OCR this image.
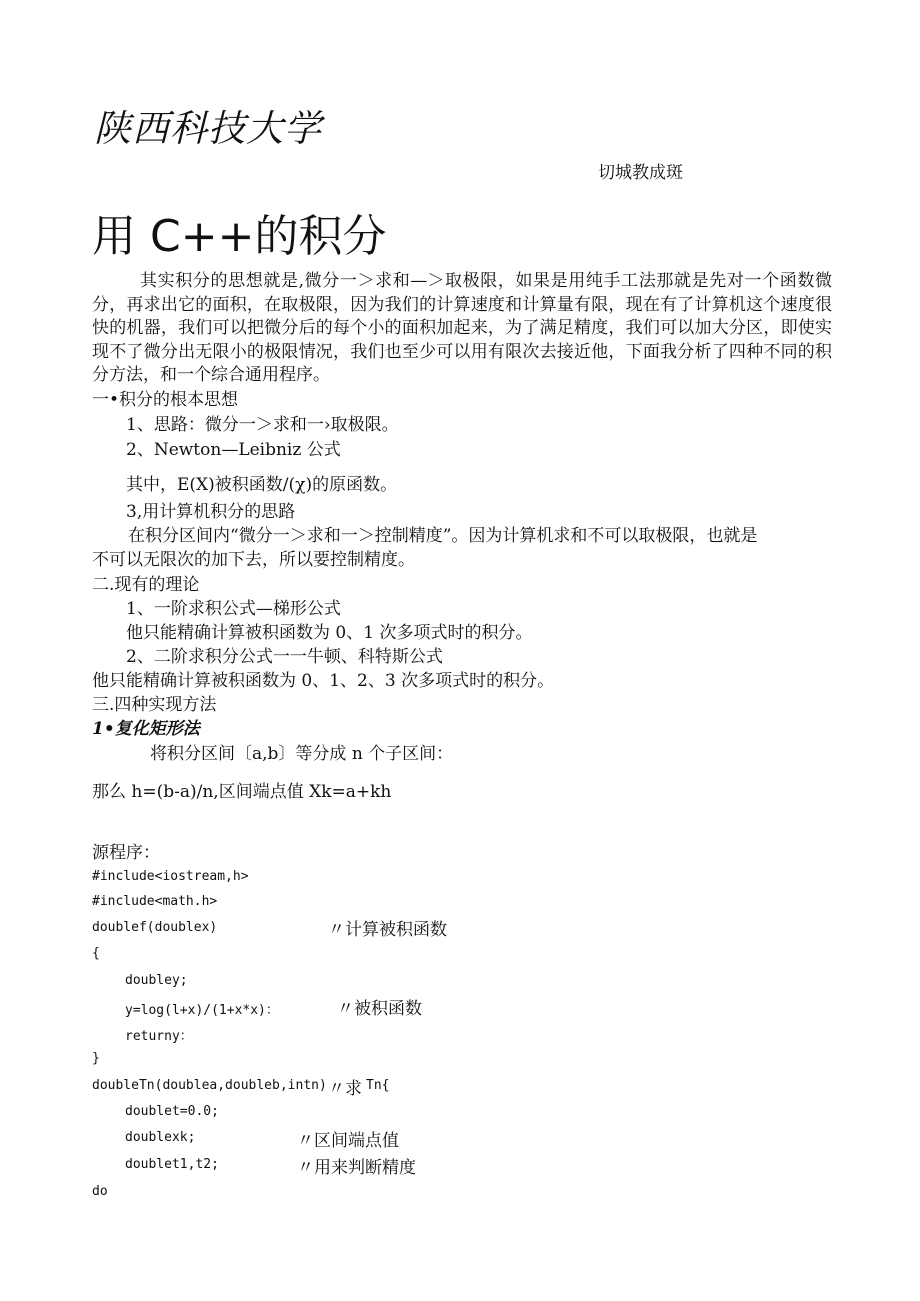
陕西科技大学
切城教成斑
用 C++的积分
其实积分的思想就是,微分一＞求和—＞取极限，如果是用纯手工法那就是先对一个函数微分，再求出它的面积，在取极限，因为我们的计算速度和计算量有限，现在有了计算机这个速度很快的机器，我们可以把微分后的每个小的面积加起来，为了满足精度，我们可以加大分区，即使实现不了微分出无限小的极限情况，我们也至少可以用有限次去接近他，下面我分析了四种不同的积分方法，和一个综合通用程序。
一•积分的根本思想
1、思路：微分一＞求和一›取极限。
2、Newton—Leibniz 公式
其中，E(X)被积函数/(χ)的原函数。
3,用计算机积分的思路
在积分区间内“微分一＞求和一＞控制精度”。因为计算机求和不可以取极限，也就是
不可以无限次的加下去，所以要控制精度。
二.现有的理论
1、一阶求积公式—梯形公式
他只能精确计算被积函数为 0、1 次多项式时的积分。
2、二阶求积分公式一一牛顿、科特斯公式
他只能精确计算被积函数为 0、1、2、3 次多项式时的积分。
三.四种实现方法
1•复化矩形法
将积分区间〔a,b〕等分成 n 个子区间：
那么 h=(b-a)∕n,区间端点值 Xk=a+kh
源程序：
#include<iostream,h>
#include<math.h>
doublef(doublex)	〃计算被积函数
{
doubley;
y=log(l+x)/(1+x*x)：	〃被积函数
returny：
}
doubleTn(doublea,doubleb,intn) 〃求 Tn{
doublet=0.0;
doublexk;	〃区间端点值
doublet1,t2;	〃用来判断精度
do
